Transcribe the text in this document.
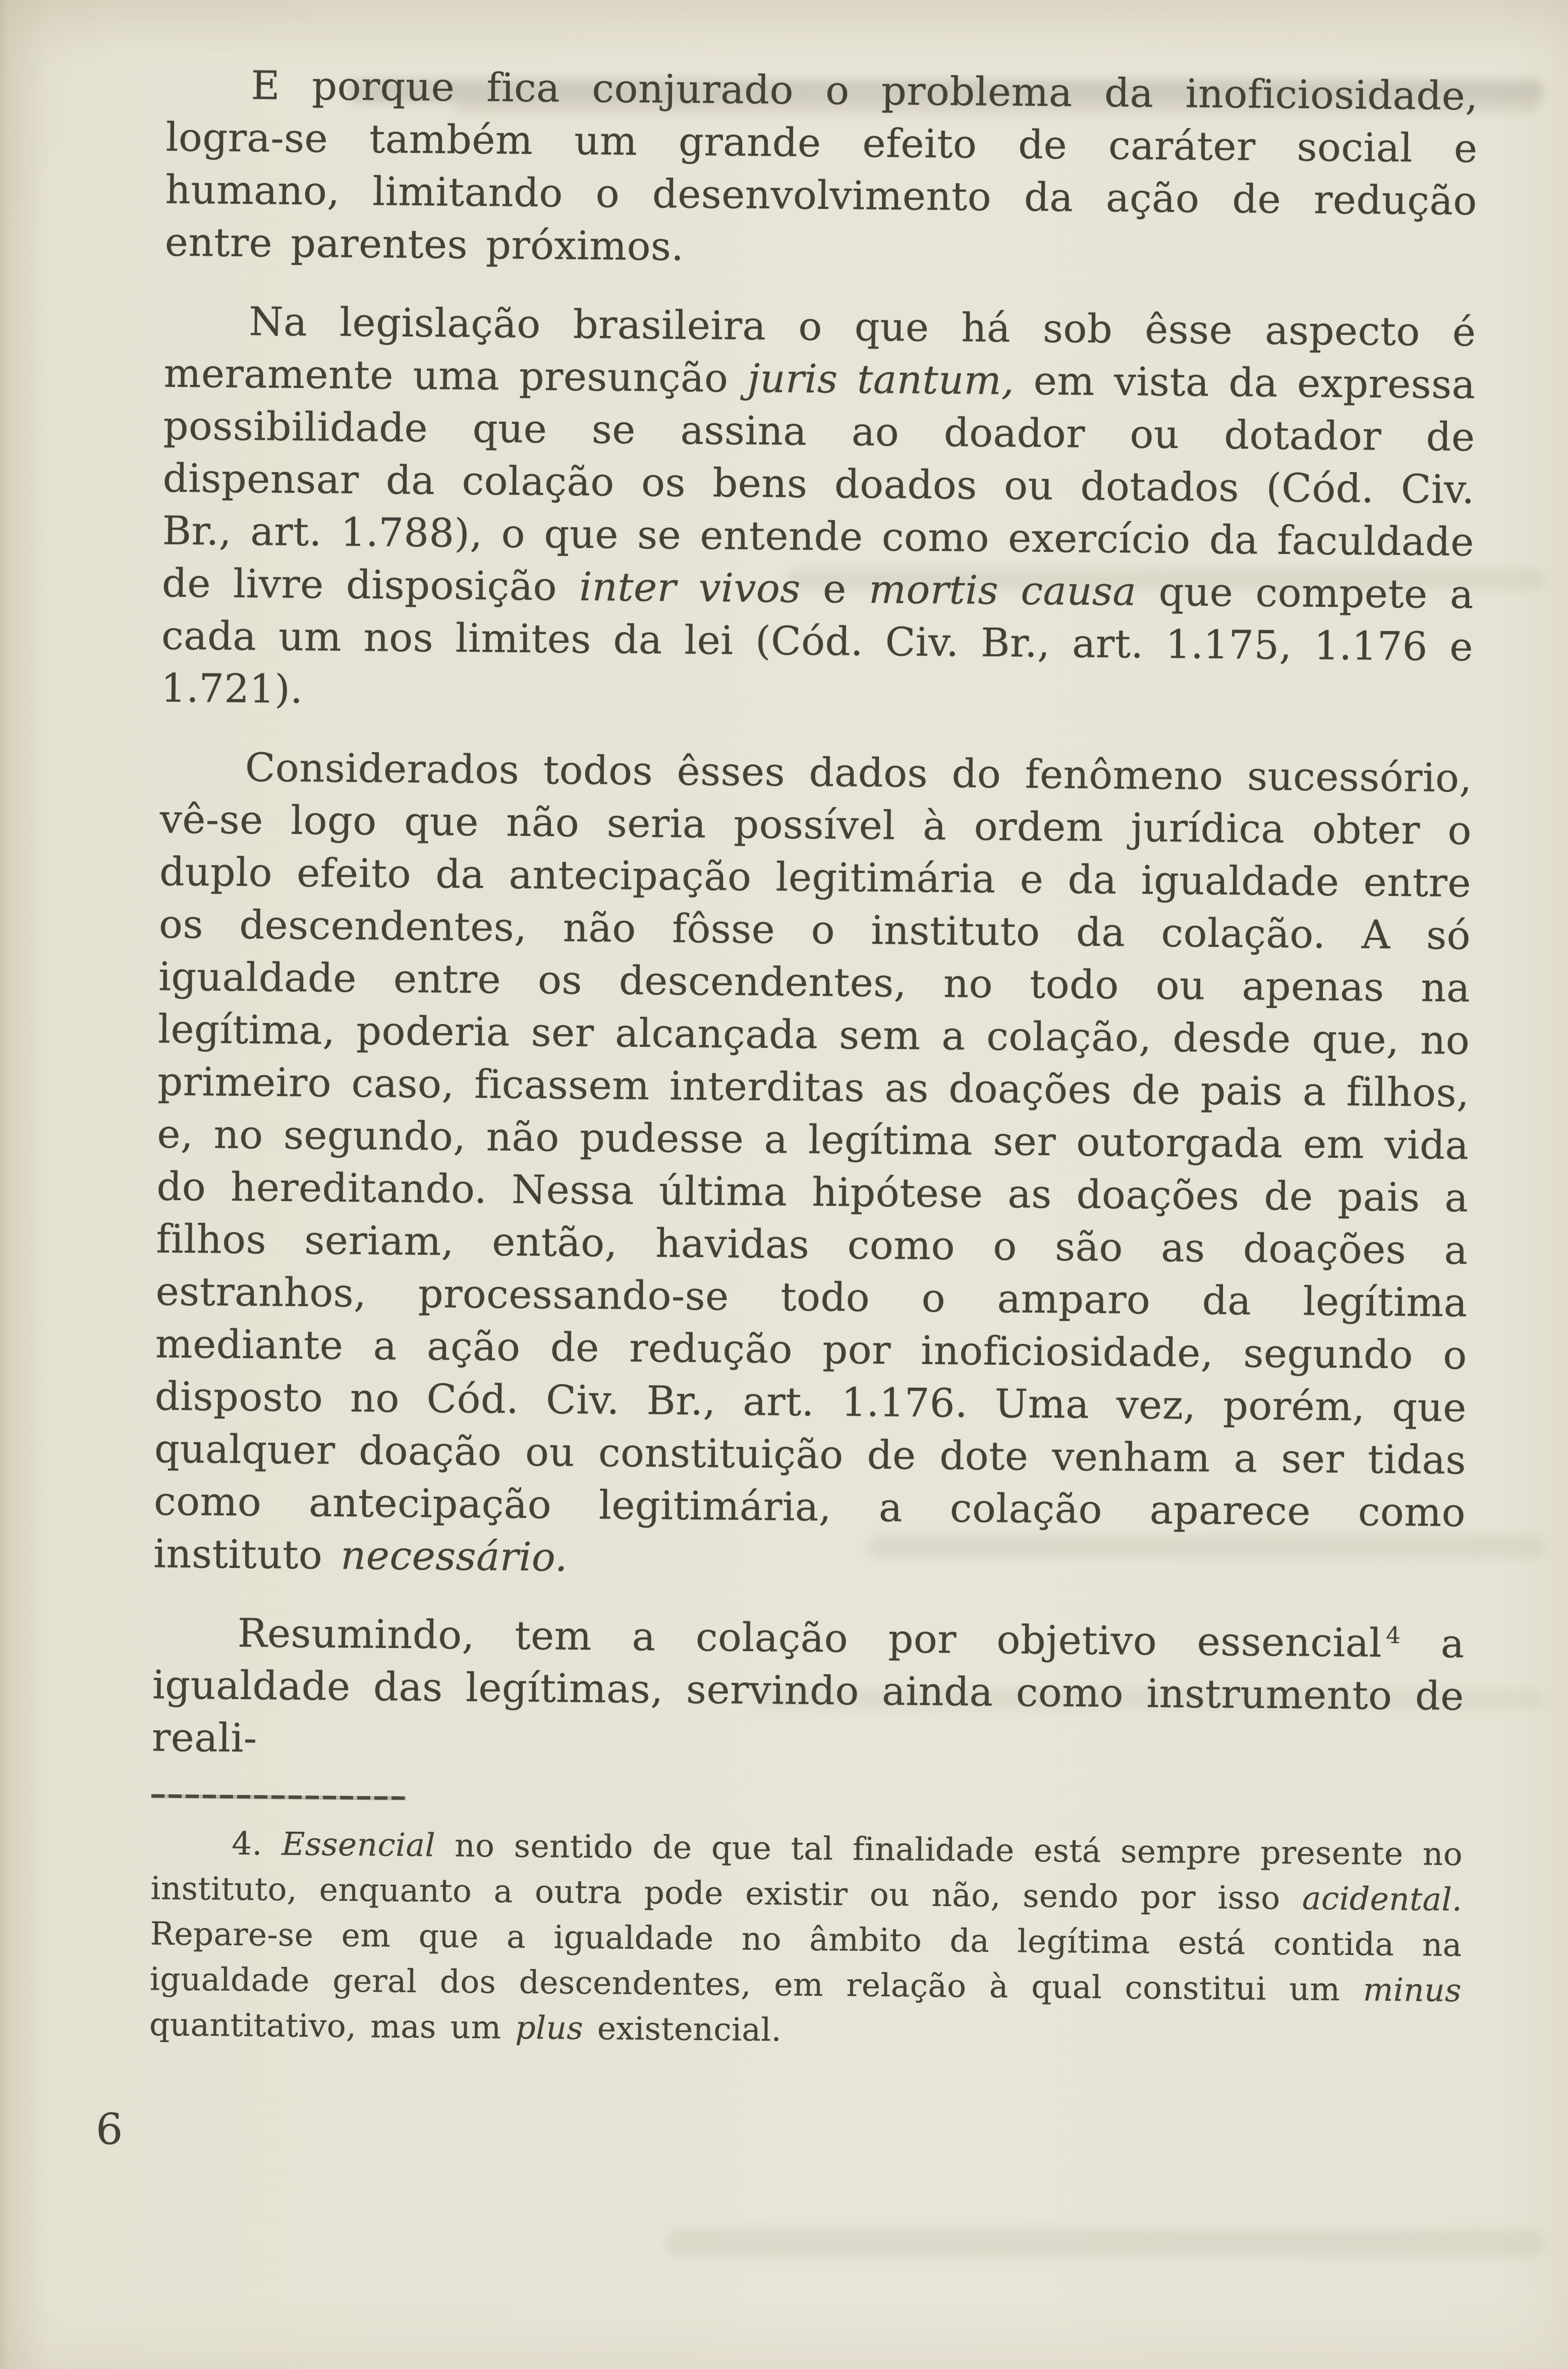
E porque fica conjurado o problema da inoficiosidade, logra-se também um grande efeito de caráter social e humano, limitando o desenvolvimento da ação de redução entre parentes próximos.

Na legislação brasileira o que há sob êsse aspecto é meramente uma presunção juris tantum, em vista da expressa possibilidade que se assina ao doador ou dotador de dispensar da colação os bens doados ou dotados (Cód. Civ. Br., art. 1.788), o que se entende como exercício da faculdade de livre disposição inter vivos e mortis causa que compete a cada um nos limites da lei (Cód. Civ. Br., art. 1.175, 1.176 e 1.721).

Considerados todos êsses dados do fenômeno sucessório, vê-se logo que não seria possível à ordem jurídica obter o duplo efeito da antecipação legitimária e da igualdade entre os descendentes, não fôsse o instituto da colação. A só igualdade entre os descendentes, no todo ou apenas na legítima, poderia ser alcançada sem a colação, desde que, no primeiro caso, ficassem interditas as doações de pais a filhos, e, no segundo, não pudesse a legítima ser outorgada em vida do hereditando. Nessa última hipótese as doações de pais a filhos seriam, então, havidas como o são as doações a estranhos, processando-se todo o amparo da legítima mediante a ação de redução por inoficiosidade, segundo o disposto no Cód. Civ. Br., art. 1.176. Uma vez, porém, que qualquer doação ou constituição de dote venham a ser tidas como antecipação legitimária, a colação aparece como instituto necessário.

Resumindo, tem a colação por objetivo essencial $^4$ a igualdade das legítimas, servindo ainda como instrumento de reali-

4. Essencial no sentido de que tal finalidade está sempre presente no instituto, enquanto a outra pode existir ou não, sendo por isso acidental. Repare-se em que a igualdade no âmbito da legítima está contida na igualdade geral dos descendentes, em relação à qual constitui um minus quantitativo, mas um plus existencial.

6
